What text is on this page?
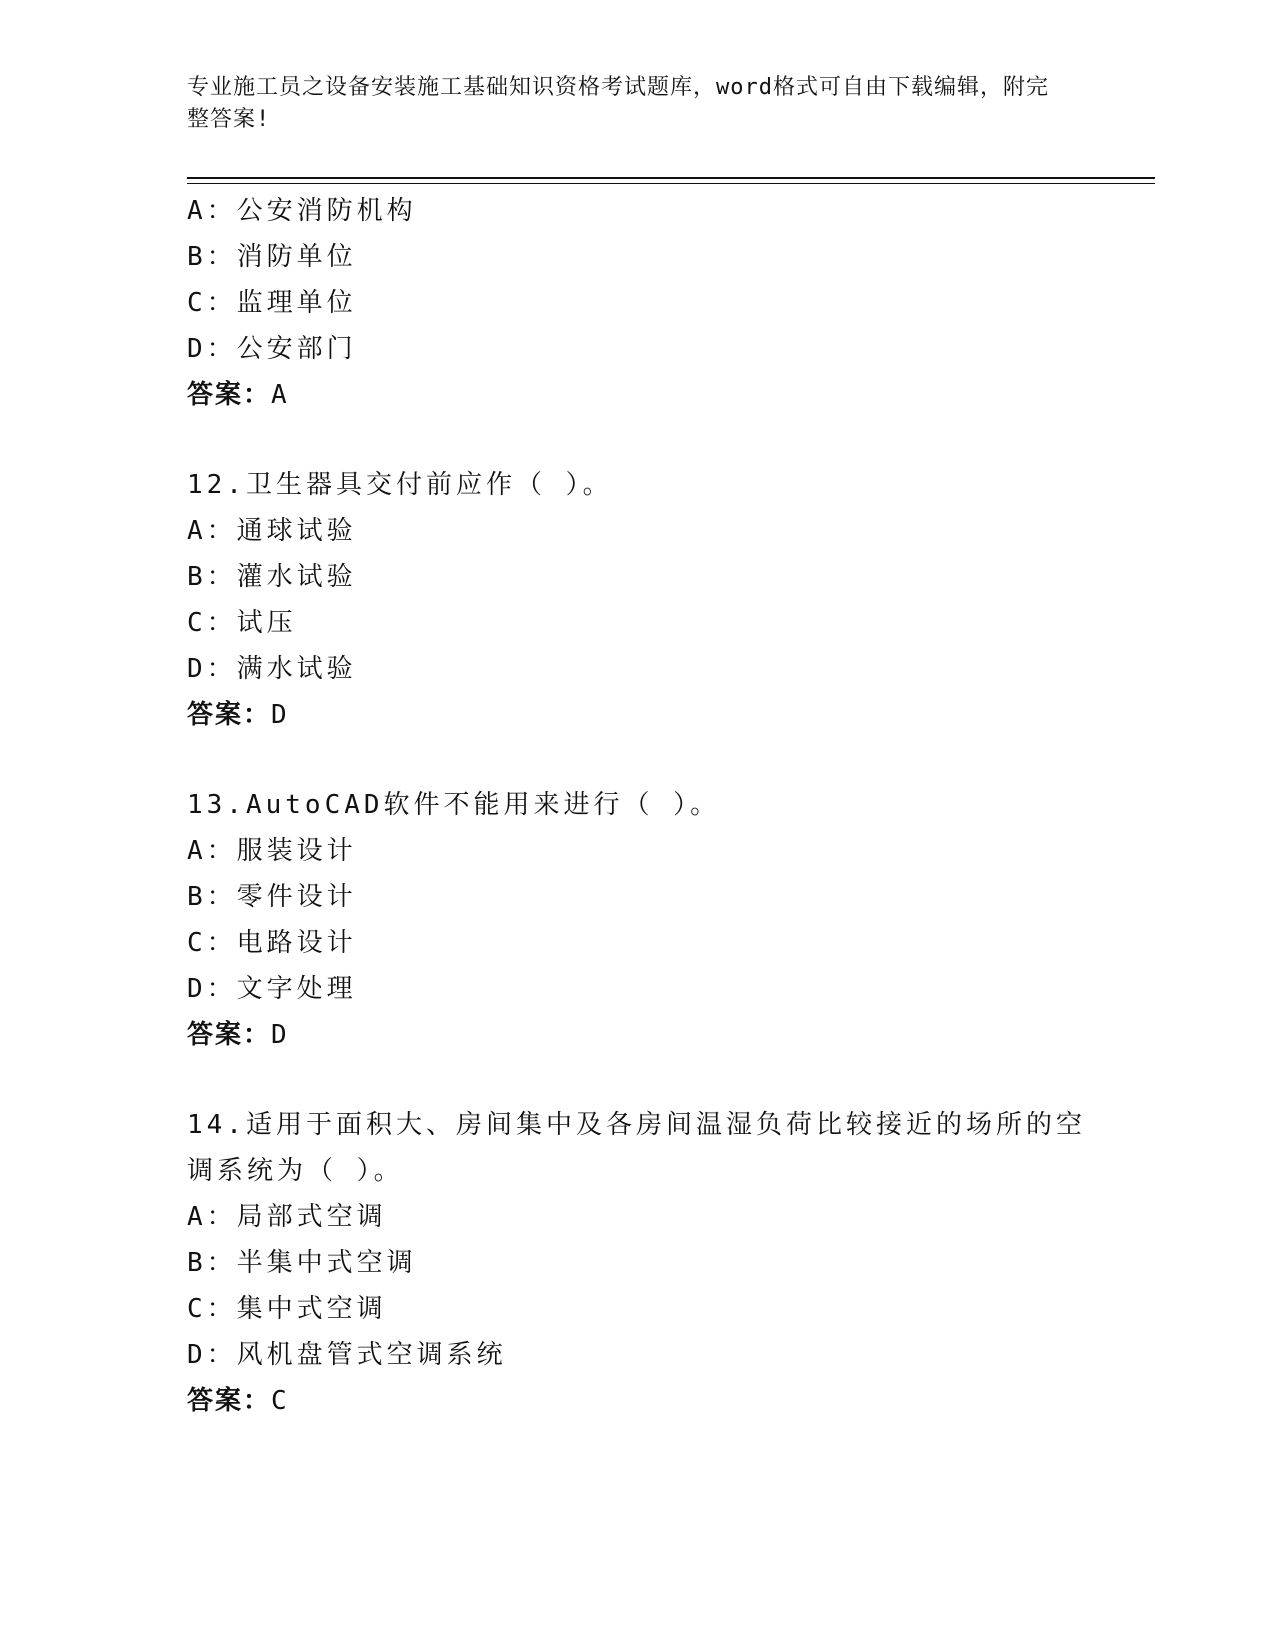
专业施工员之设备安装施工基础知识资格考试题库，word格式可自由下载编辑，附完整答案!
A：公安消防机构
B：消防单位
C：监理单位
D：公安部门
答案：A
12.卫生器具交付前应作（ ）。
A：通球试验
B：灌水试验
C：试压
D：满水试验
答案：D
13.AutoCAD软件不能用来进行（ ）。
A：服装设计
B：零件设计
C：电路设计
D：文字处理
答案：D
14.适用于面积大、房间集中及各房间温湿负荷比较接近的场所的空调系统为（ ）。
A：局部式空调
B：半集中式空调
C：集中式空调
D：风机盘管式空调系统
答案：C
